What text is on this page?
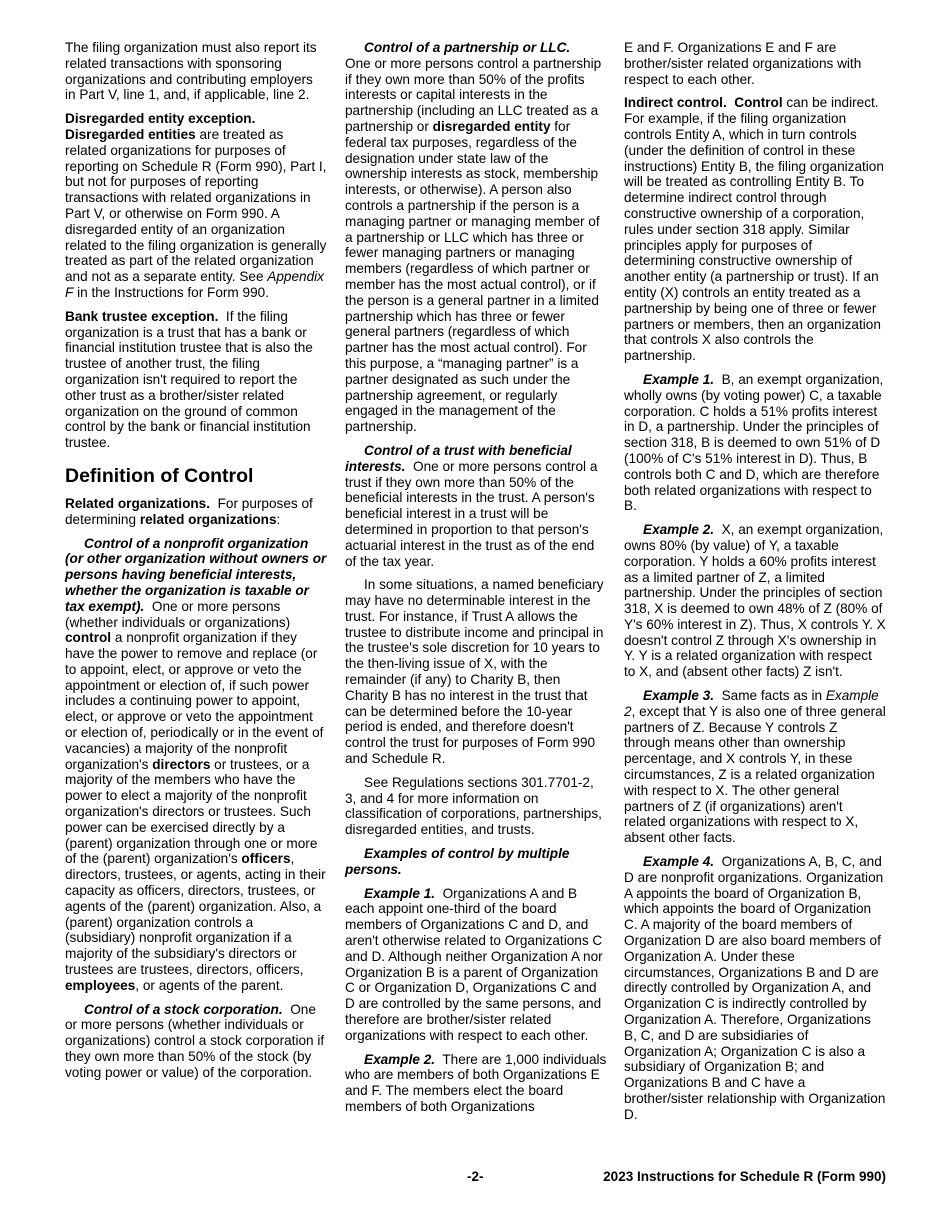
The filing organization must also report its related transactions with sponsoring organizations and contributing employers in Part V, line 1, and, if applicable, line 2.

Disregarded entity exception.
Disregarded entities are treated as related organizations for purposes of reporting on Schedule R (Form 990), Part I, but not for purposes of reporting transactions with related organizations in Part V, or otherwise on Form 990. A disregarded entity of an organization related to the filing organization is generally treated as part of the related organization and not as a separate entity. See Appendix F in the Instructions for Form 990.

Bank trustee exception. If the filing organization is a trust that has a bank or financial institution trustee that is also the trustee of another trust, the filing organization isn't required to report the other trust as a brother/sister related organization on the ground of common control by the bank or financial institution trustee.

Definition of Control

Related organizations. For purposes of determining related organizations:

Control of a nonprofit organization (or other organization without owners or persons having beneficial interests, whether the organization is taxable or tax exempt). One or more persons (whether individuals or organizations) control a nonprofit organization if they have the power to remove and replace (or to appoint, elect, or approve or veto the appointment or election of, if such power includes a continuing power to appoint, elect, or approve or veto the appointment or election of, periodically or in the event of vacancies) a majority of the nonprofit organization's directors or trustees, or a majority of the members who have the power to elect a majority of the nonprofit organization's directors or trustees. Such power can be exercised directly by a (parent) organization through one or more of the (parent) organization's officers, directors, trustees, or agents, acting in their capacity as officers, directors, trustees, or agents of the (parent) organization. Also, a (parent) organization controls a (subsidiary) nonprofit organization if a majority of the subsidiary's directors or trustees are trustees, directors, officers, employees, or agents of the parent.

Control of a stock corporation. One or more persons (whether individuals or organizations) control a stock corporation if they own more than 50% of the stock (by voting power or value) of the corporation.

Control of a partnership or LLC.
One or more persons control a partnership if they own more than 50% of the profits interests or capital interests in the partnership (including an LLC treated as a partnership or disregarded entity for federal tax purposes, regardless of the designation under state law of the ownership interests as stock, membership interests, or otherwise). A person also controls a partnership if the person is a managing partner or managing member of a partnership or LLC which has three or fewer managing partners or managing members (regardless of which partner or member has the most actual control), or if the person is a general partner in a limited partnership which has three or fewer general partners (regardless of which partner has the most actual control). For this purpose, a “managing partner” is a partner designated as such under the partnership agreement, or regularly engaged in the management of the partnership.

Control of a trust with beneficial interests. One or more persons control a trust if they own more than 50% of the beneficial interests in the trust. A person's beneficial interest in a trust will be determined in proportion to that person's actuarial interest in the trust as of the end of the tax year.

In some situations, a named beneficiary may have no determinable interest in the trust. For instance, if Trust A allows the trustee to distribute income and principal in the trustee's sole discretion for 10 years to the then-living issue of X, with the remainder (if any) to Charity B, then Charity B has no interest in the trust that can be determined before the 10-year period is ended, and therefore doesn't control the trust for purposes of Form 990 and Schedule R.

See Regulations sections 301.7701-2, 3, and 4 for more information on classification of corporations, partnerships, disregarded entities, and trusts.

Examples of control by multiple persons.

Example 1. Organizations A and B each appoint one-third of the board members of Organizations C and D, and aren't otherwise related to Organizations C and D. Although neither Organization A nor Organization B is a parent of Organization C or Organization D, Organizations C and D are controlled by the same persons, and therefore are brother/sister related organizations with respect to each other.

Example 2. There are 1,000 individuals who are members of both Organizations E and F. The members elect the board members of both Organizations

E and F. Organizations E and F are brother/sister related organizations with respect to each other.

Indirect control. Control can be indirect. For example, if the filing organization controls Entity A, which in turn controls (under the definition of control in these instructions) Entity B, the filing organization will be treated as controlling Entity B. To determine indirect control through constructive ownership of a corporation, rules under section 318 apply. Similar principles apply for purposes of determining constructive ownership of another entity (a partnership or trust). If an entity (X) controls an entity treated as a partnership by being one of three or fewer partners or members, then an organization that controls X also controls the partnership.

Example 1. B, an exempt organization, wholly owns (by voting power) C, a taxable corporation. C holds a 51% profits interest in D, a partnership. Under the principles of section 318, B is deemed to own 51% of D (100% of C's 51% interest in D). Thus, B controls both C and D, which are therefore both related organizations with respect to B.

Example 2. X, an exempt organization, owns 80% (by value) of Y, a taxable corporation. Y holds a 60% profits interest as a limited partner of Z, a limited partnership. Under the principles of section 318, X is deemed to own 48% of Z (80% of Y's 60% interest in Z). Thus, X controls Y. X doesn't control Z through X's ownership in Y. Y is a related organization with respect to X, and (absent other facts) Z isn't.

Example 3. Same facts as in Example 2, except that Y is also one of three general partners of Z. Because Y controls Z through means other than ownership percentage, and X controls Y, in these circumstances, Z is a related organization with respect to X. The other general partners of Z (if organizations) aren't related organizations with respect to X, absent other facts.

Example 4. Organizations A, B, C, and D are nonprofit organizations. Organization A appoints the board of Organization B, which appoints the board of Organization C. A majority of the board members of Organization D are also board members of Organization A. Under these circumstances, Organizations B and D are directly controlled by Organization A, and Organization C is indirectly controlled by Organization A. Therefore, Organizations B, C, and D are subsidiaries of Organization A; Organization C is also a subsidiary of Organization B; and Organizations B and C have a brother/sister relationship with Organization D.

-2-	2023 Instructions for Schedule R (Form 990)
